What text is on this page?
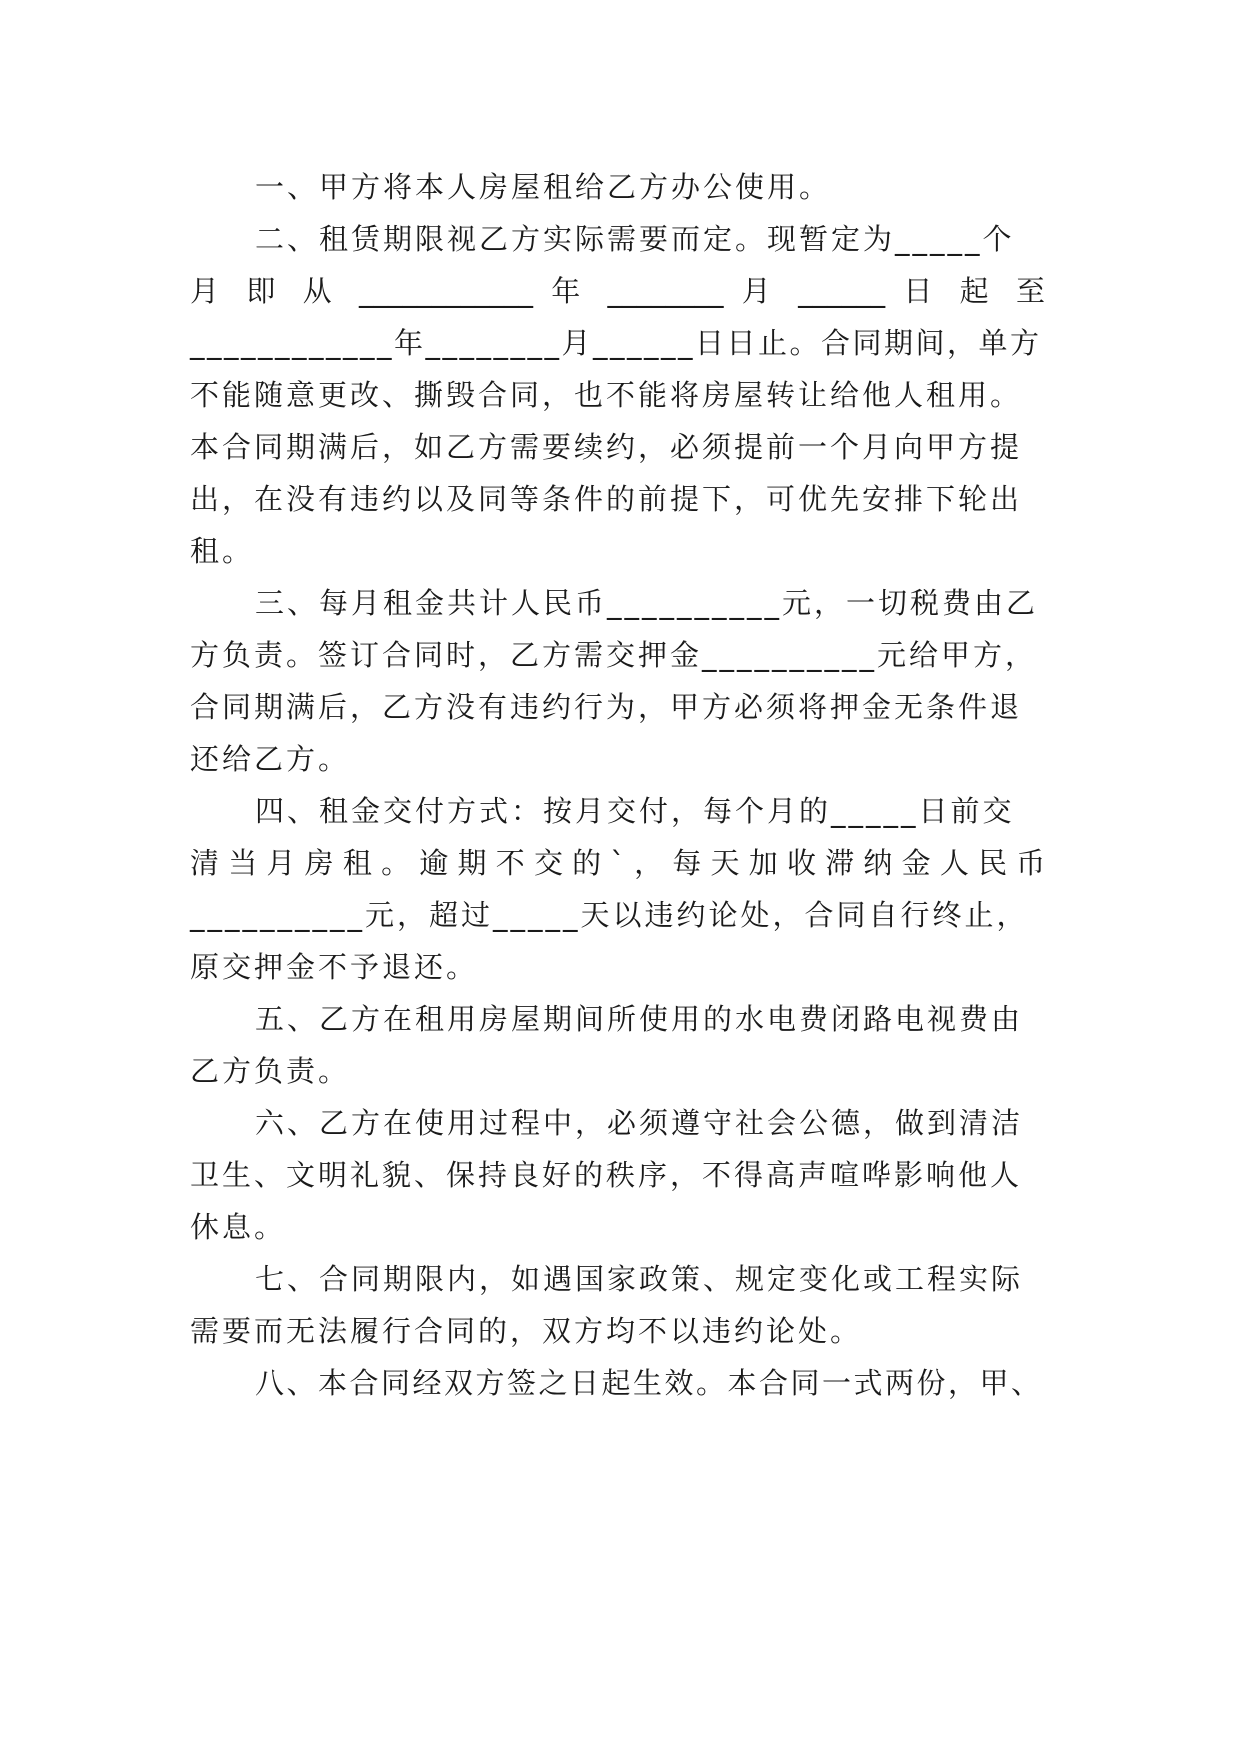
一、甲方将本人房屋租给乙方办公使用。
二、租赁期限视乙方实际需要而定。现暂定为_____个
月 即 从 ____________ 年 ________ 月 ______ 日 起 至
____________年________月______日日止。合同期间，单方
不能随意更改、撕毁合同，也不能将房屋转让给他人租用。
本合同期满后，如乙方需要续约，必须提前一个月向甲方提
出，在没有违约以及同等条件的前提下，可优先安排下轮出
租。
三、每月租金共计人民币__________元，一切税费由乙
方负责。签订合同时，乙方需交押金__________元给甲方，
合同期满后，乙方没有违约行为，甲方必须将押金无条件退
还给乙方。
四、租金交付方式：按月交付，每个月的_____日前交
清 当 月 房 租 。 逾 期 不 交 的 ` ， 每 天 加 收 滞 纳 金 人 民 币
__________元，超过_____天以违约论处，合同自行终止，
原交押金不予退还。
五、乙方在租用房屋期间所使用的水电费闭路电视费由
乙方负责。
六、乙方在使用过程中，必须遵守社会公德，做到清洁
卫生、文明礼貌、保持良好的秩序，不得高声喧哗影响他人
休息。
七、合同期限内，如遇国家政策、规定变化或工程实际
需要而无法履行合同的，双方均不以违约论处。
八、本合同经双方签之日起生效。本合同一式两份，甲、
